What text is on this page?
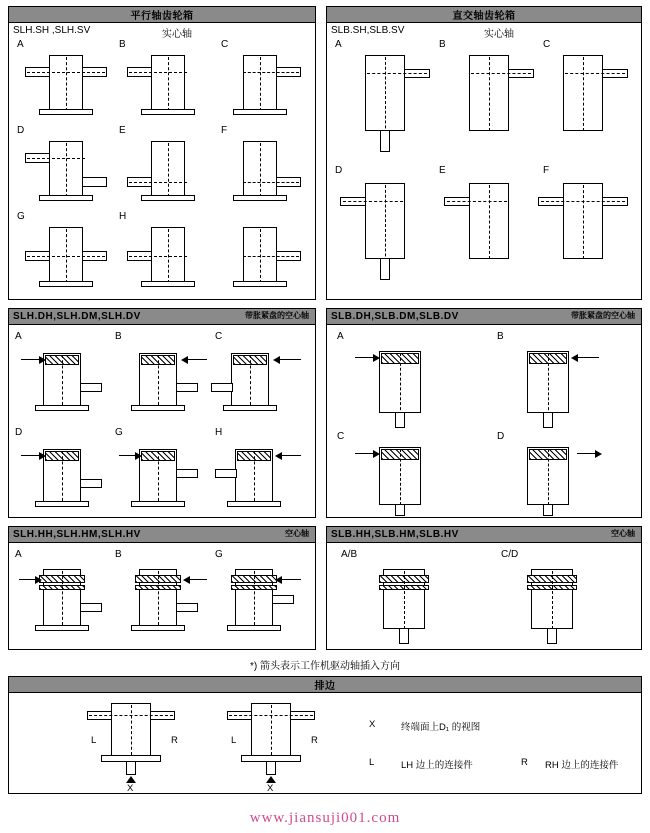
平行轴齿轮箱
SLH.SH ,SLH.SV	实心轴
A	B	C
D	E	F
G	H
直交轴齿轮箱
SLB.SH,SLB.SV	实心轴
A	B	C
D	E	F
SLH.DH,SLH.DM,SLH.DV	带胀紧盘的空心轴
A	B	C
D	G	H
SLB.DH,SLB.DM,SLB.DV	带胀紧盘的空心轴
A	B
C	D
SLH.HH,SLH.HM,SLH.HV	空心轴
A	B	G
SLB.HH,SLB.HM,SLB.HV	空心轴
A/B	C/D
*) 箭头表示工作机驱动轴插入方向
排边
L	R
X
L	R
X
X	终端面上D₁ 的视图
L	LH 边上的连接件	R RH 边上的连接件
www.jiansuji001.com
